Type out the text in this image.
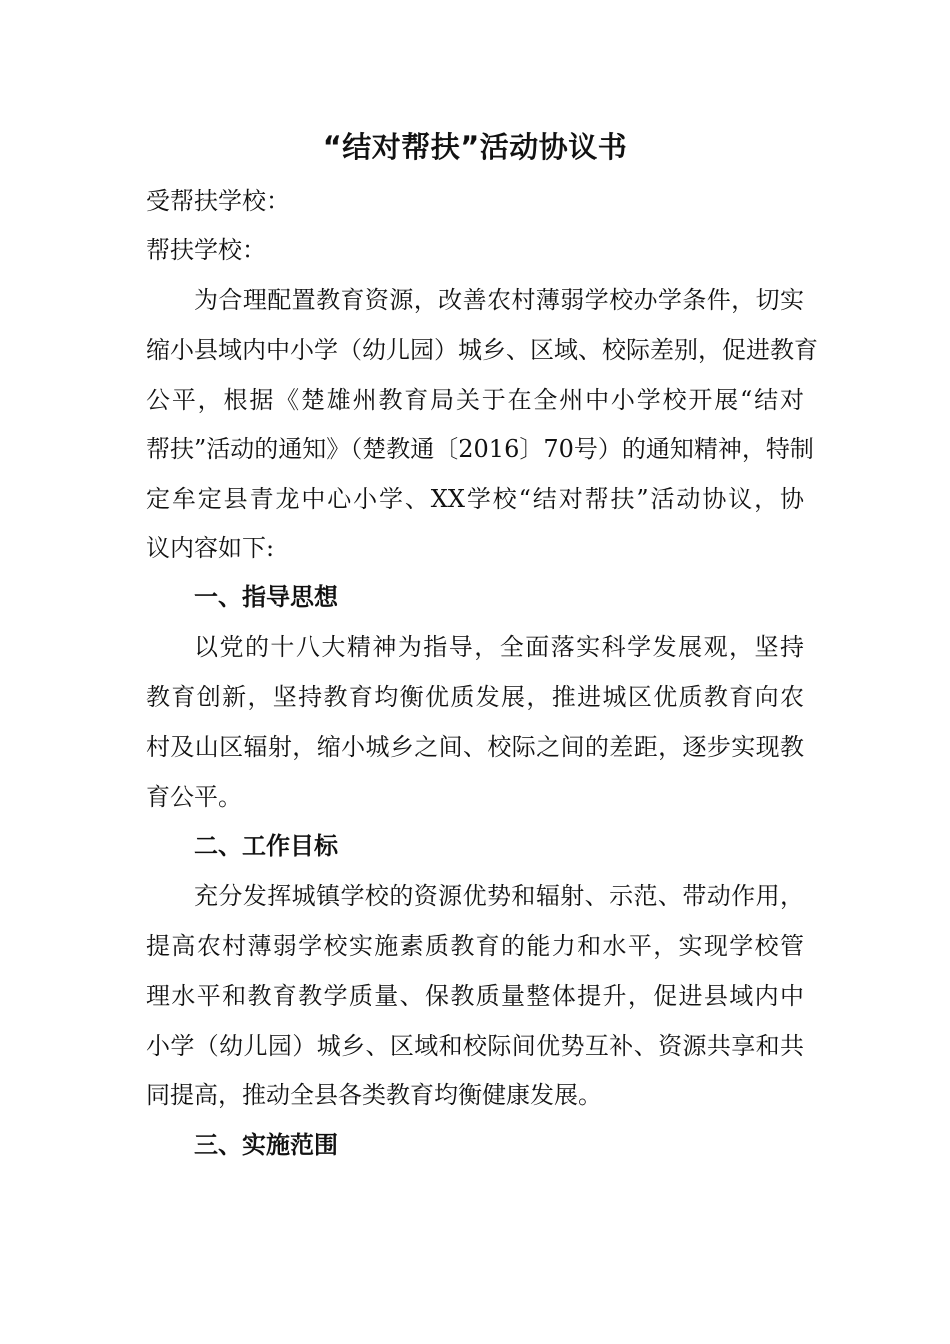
“结对帮扶”活动协议书
受帮扶学校：
帮扶学校：
为合理配置教育资源，改善农村薄弱学校办学条件，切实
缩小县域内中小学（幼儿园）城乡、区域、校际差别，促进教育
公平，根据《楚雄州教育局关于在全州中小学校开展“结对
帮扶”活动的通知》（楚教通〔2016〕70号）的通知精神，特制
定牟定县青龙中心小学、XX学校“结对帮扶”活动协议，协
议内容如下:
一、指导思想
以党的十八大精神为指导，全面落实科学发展观，坚持
教育创新，坚持教育均衡优质发展，推进城区优质教育向农
村及山区辐射，缩小城乡之间、校际之间的差距，逐步实现教
育公平。
二、工作目标
充分发挥城镇学校的资源优势和辐射、示范、带动作用，
提高农村薄弱学校实施素质教育的能力和水平，实现学校管
理水平和教育教学质量、保教质量整体提升，促进县域内中
小学（幼儿园）城乡、区域和校际间优势互补、资源共享和共
同提高，推动全县各类教育均衡健康发展。
三、实施范围
